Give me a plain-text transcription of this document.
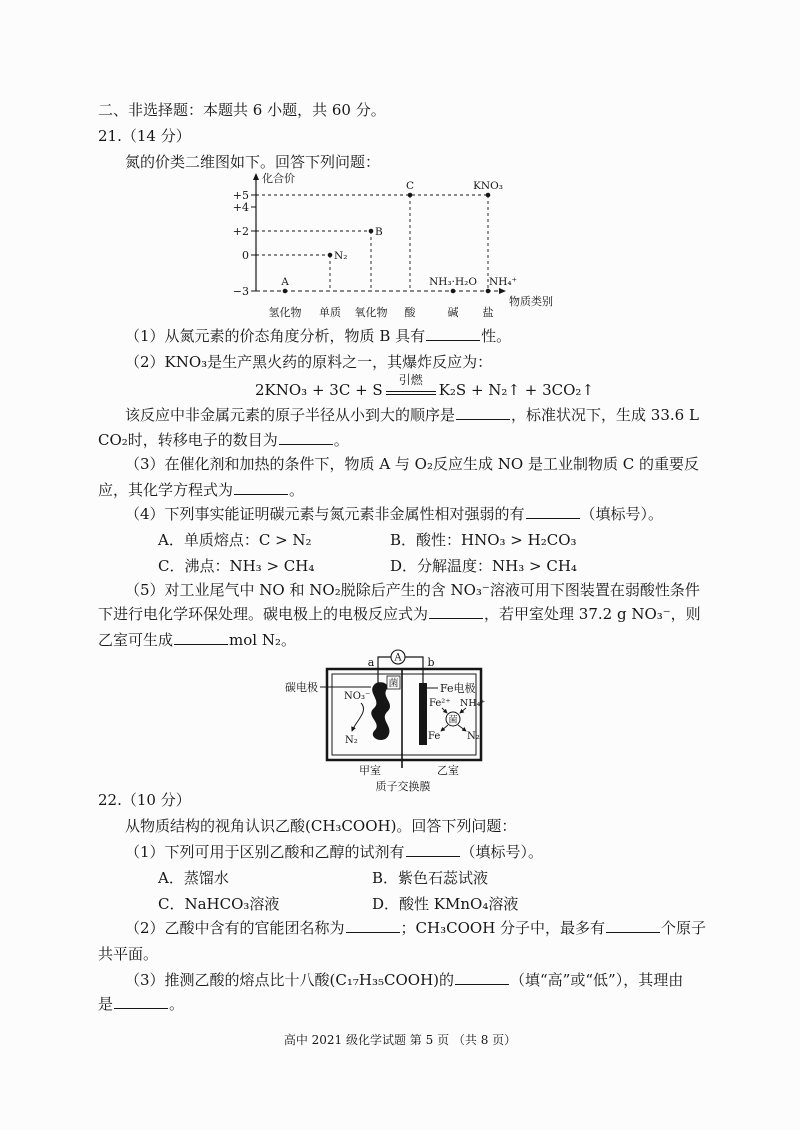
二、非选择题：本题共 6 小题，共 60 分。
21.（14 分）
氮的价类二维图如下。回答下列问题：
化合价
物质类别
+5
+4
+2
0
−3
氢化物 单质 氧化物 酸	碱 盐
A
N₂
B
C	KNO₃
NH₃·H₂O NH₄⁺
（1）从氮元素的价态角度分析，物质 B 具有	性。
（2）KNO₃是生产黑火药的原料之一，其爆炸反应为：
2KNO₃ + 3C + S
引燃
K₂S + N₂↑ + 3CO₂↑
该反应中非金属元素的原子半径从小到大的顺序是	，标准状况下，生成 33.6 L
CO₂时，转移电子的数目为	。
（3）在催化剂和加热的条件下，物质 A 与 O₂反应生成 NO 是工业制物质 C 的重要反
应，其化学方程式为	。
（4）下列事实能证明碳元素与氮元素非金属性相对强弱的有	（填标号）。
A．单质熔点：C > N₂	B．酸性：HNO₃ > H₂CO₃
C．沸点：NH₃ > CH₄	D．分解温度：NH₃ > CH₄
（5）对工业尾气中 NO 和 NO₂脱除后产生的含 NO₃⁻溶液可用下图装置在弱酸性条件
下进行电化学环保处理。碳电极上的电极反应式为	，若甲室处理 37.2 g NO₃⁻，则
乙室可生成	mol N₂。
A
a	b
菌
碳电极
NO₃⁻
N₂
Fe电极
Fe²⁺ NH₄⁺
菌
Fe	N₂
甲室	乙室
质子交换膜
22.（10 分）
从物质结构的视角认识乙酸(CH₃COOH)。回答下列问题：
（1）下列可用于区别乙酸和乙醇的试剂有	（填标号）。
A．蒸馏水	B．紫色石蕊试液
C．NaHCO₃溶液	D．酸性 KMnO₄溶液
（2）乙酸中含有的官能团名称为	；CH₃COOH 分子中，最多有	个原子
共平面。
（3）推测乙酸的熔点比十八酸(C₁₇H₃₅COOH)的	（填“高”或“低”），其理由
是	。
高中 2021 级化学试题 第 5 页 （共 8 页）
